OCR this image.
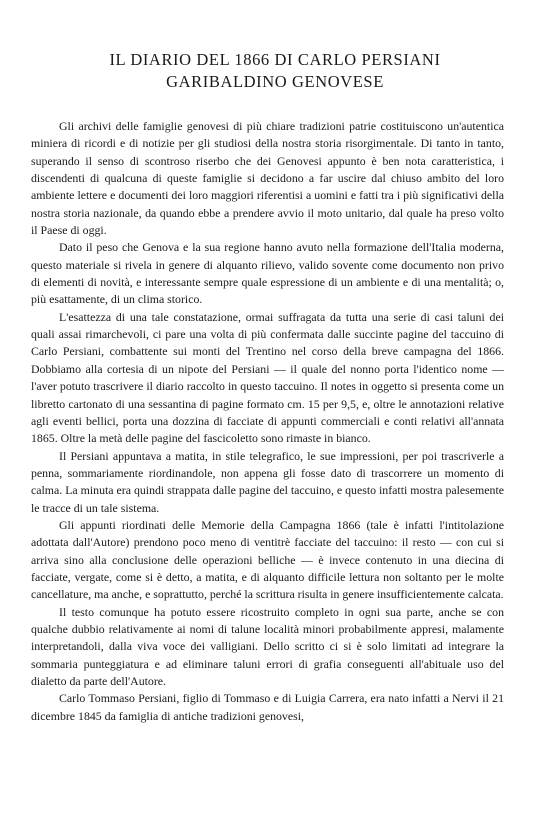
IL DIARIO DEL 1866 DI CARLO PERSIANI
GARIBALDINO GENOVESE

Gli archivi delle famiglie genovesi di più chiare tradizioni patrie costituiscono un'autentica miniera di ricordi e di notizie per gli studiosi della nostra storia risorgimentale. Di tanto in tanto, superando il senso di scontroso riserbo che dei Genovesi appunto è ben nota caratteristica, i discendenti di qualcuna di queste famiglie si decidono a far uscire dal chiuso ambito del loro ambiente lettere e documenti dei loro maggiori riferentisi a uomini e fatti tra i più significativi della nostra storia nazionale, da quando ebbe a prendere avvio il moto unitario, dal quale ha preso volto il Paese di oggi.

Dato il peso che Genova e la sua regione hanno avuto nella formazione dell'Italia moderna, questo materiale si rivela in genere di alquanto rilievo, valido sovente come documento non privo di elementi di novità, e interessante sempre quale espressione di un ambiente e di una mentalità; o, più esattamente, di un clima storico.

L'esattezza di una tale constatazione, ormai suffragata da tutta una serie di casi taluni dei quali assai rimarchevoli, ci pare una volta di più confermata dalle succinte pagine del taccuino di Carlo Persiani, combattente sui monti del Trentino nel corso della breve campagna del 1866. Dobbiamo alla cortesia di un nipote del Persiani — il quale del nonno porta l'identico nome — l'aver potuto trascrivere il diario raccolto in questo taccuino. Il notes in oggetto si presenta come un libretto cartonato di una sessantina di pagine formato cm. 15 per 9,5, e, oltre le annotazioni relative agli eventi bellici, porta una dozzina di facciate di appunti commerciali e conti relativi all'annata 1865. Oltre la metà delle pagine del fascicoletto sono rimaste in bianco.

Il Persiani appuntava a matita, in stile telegrafico, le sue impressioni, per poi trascriverle a penna, sommariamente riordinandole, non appena gli fosse dato di trascorrere un momento di calma. La minuta era quindi strappata dalle pagine del taccuino, e questo infatti mostra palesemente le tracce di un tale sistema.

Gli appunti riordinati delle Memorie della Campagna 1866 (tale è infatti l'intitolazione adottata dall'Autore) prendono poco meno di ventitrè facciate del taccuino: il resto — con cui si arriva sino alla conclusione delle operazioni belliche — è invece contenuto in una diecina di facciate, vergate, come si è detto, a matita, e di alquanto difficile lettura non soltanto per le molte cancellature, ma anche, e soprattutto, perché la scrittura risulta in genere insufficientemente calcata.

Il testo comunque ha potuto essere ricostruito completo in ogni sua parte, anche se con qualche dubbio relativamente ai nomi di talune località minori probabilmente appresi, malamente interpretandoli, dalla viva voce dei valligiani. Dello scritto ci si è solo limitati ad integrare la sommaria punteggiatura e ad eliminare taluni errori di grafia conseguenti all'abituale uso del dialetto da parte dell'Autore.

Carlo Tommaso Persiani, figlio di Tommaso e di Luigia Carrera, era nato infatti a Nervi il 21 dicembre 1845 da famiglia di antiche tradizioni genovesi,
